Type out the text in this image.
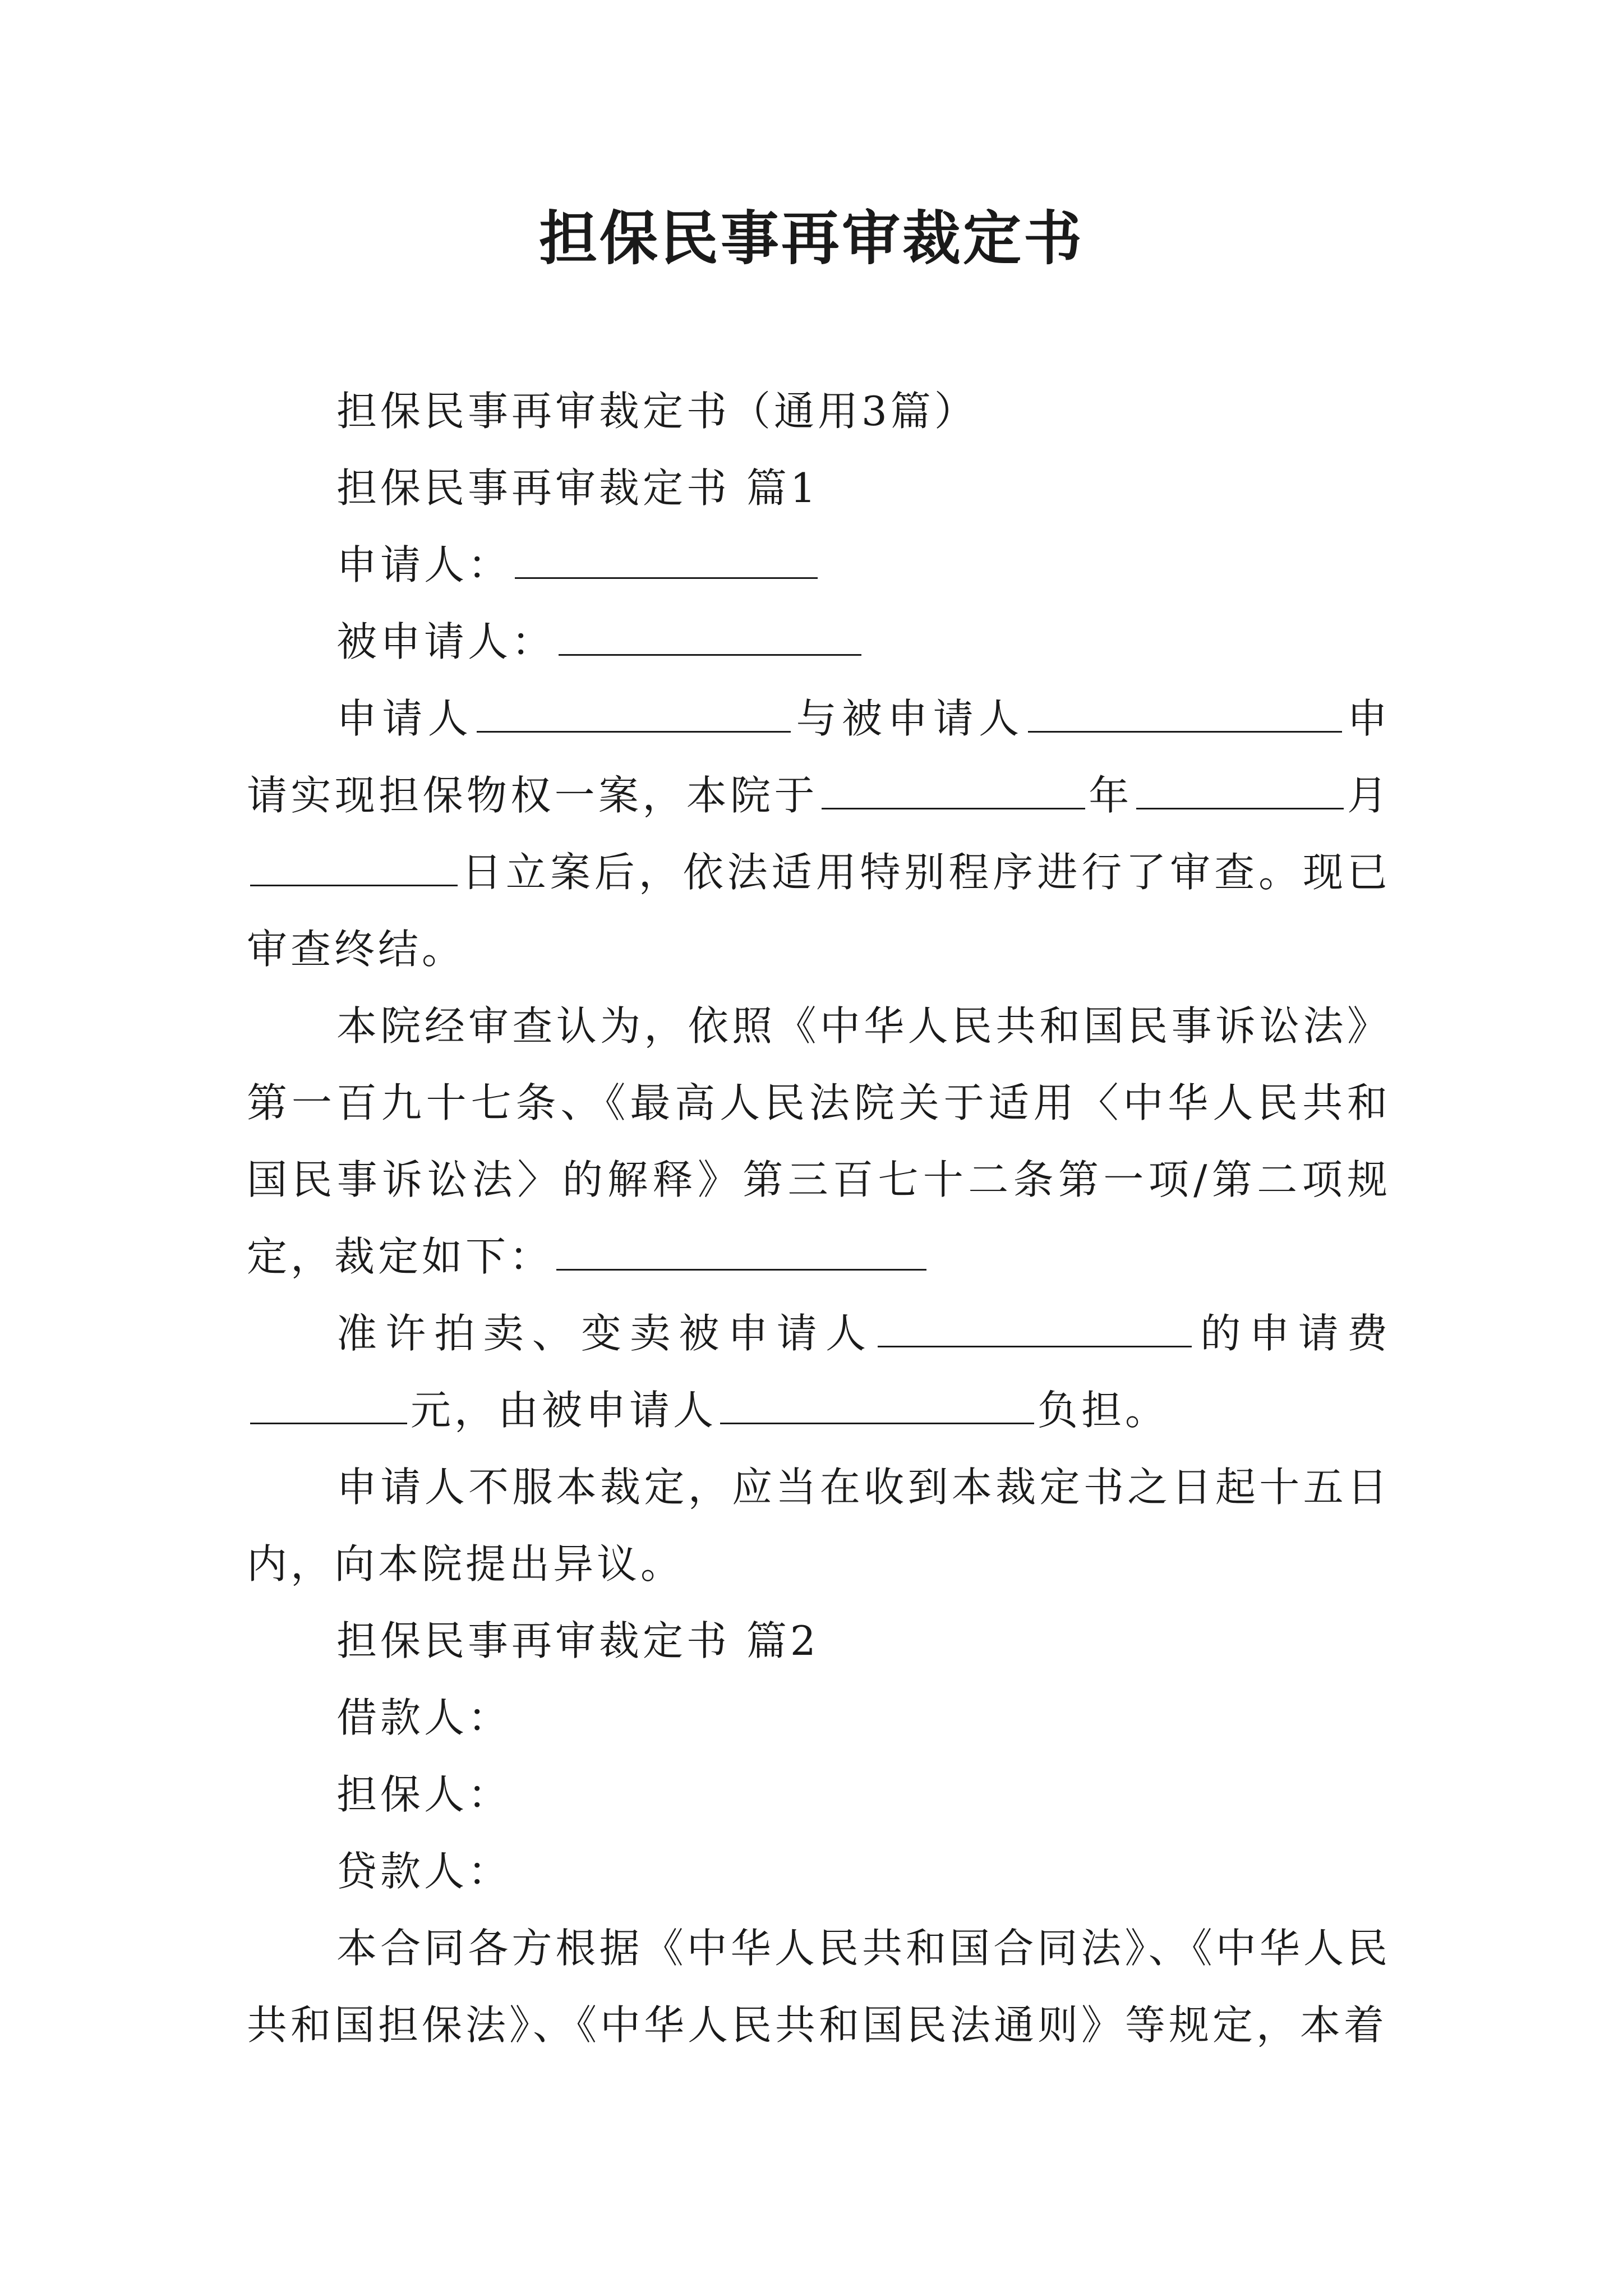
担保民事再审裁定书

担保民事再审裁定书（通用3篇）

担保民事再审裁定书 篇1

申请人：

被申请人：

申请人	与被申请人	申请实现担保物权一案，本院于	年	月日立案后，依法适用特别程序进行了审查。现已审查终结。

本院经审查认为，依照《中华人民共和国民事诉讼法》第一百九十七条、《最高人民法院关于适用〈中华人民共和国民事诉讼法〉的解释》第三百七十二条第一项/第二项规定，裁定如下：

准许拍卖、变卖被申请人	的申请费元，由被申请人	负担。

申请人不服本裁定，应当在收到本裁定书之日起十五日内，向本院提出异议。

担保民事再审裁定书 篇2

借款人：

担保人：

贷款人：

本合同各方根据《中华人民共和国合同法》、《中华人民共和国担保法》、《中华人民共和国民法通则》等规定，本着
